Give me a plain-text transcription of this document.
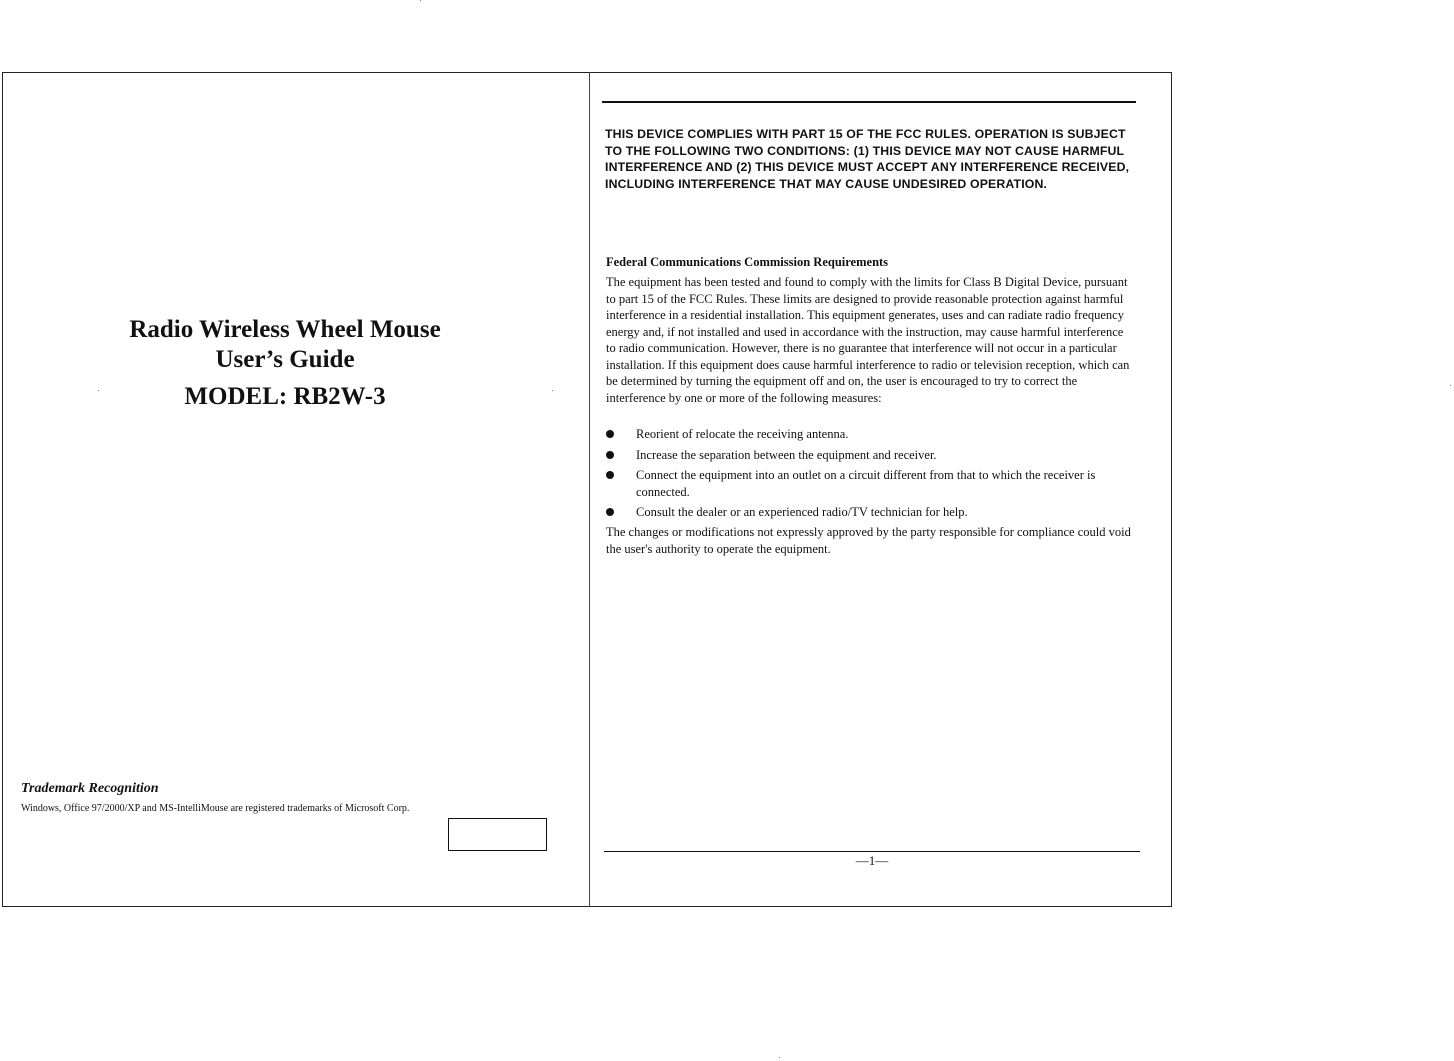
Radio Wireless Wheel Mouse
User’s Guide
MODEL: RB2W-3
Trademark Recognition
Windows, Office 97/2000/XP and MS-IntelliMouse are registered trademarks of Microsoft Corp.
THIS DEVICE COMPLIES WITH PART 15 OF THE FCC RULES. OPERATION IS SUBJECT TO THE FOLLOWING TWO CONDITIONS: (1) THIS DEVICE MAY NOT CAUSE HARMFUL INTERFERENCE AND (2) THIS DEVICE MUST ACCEPT ANY INTERFERENCE RECEIVED, INCLUDING INTERFERENCE THAT MAY CAUSE UNDESIRED OPERATION.
Federal Communications Commission Requirements
The equipment has been tested and found to comply with the limits for Class B Digital Device, pursuant to part 15 of the FCC Rules. These limits are designed to provide reasonable protection against harmful interference in a residential installation. This equipment generates, uses and can radiate radio frequency energy and, if not installed and used in accordance with the instruction, may cause harmful interference to radio communication. However, there is no guarantee that interference will not occur in a particular installation. If this equipment does cause harmful interference to radio or television reception, which can be determined by turning the equipment off and on, the user is encouraged to try to correct the interference by one or more of the following measures:
Reorient of relocate the receiving antenna.
Increase the separation between the equipment and receiver.
Connect the equipment into an outlet on a circuit different from that to which the receiver is connected.
Consult the dealer or an experienced radio/TV technician for help.
The changes or modifications not expressly approved by the party responsible for compliance could void the user's authority to operate the equipment.
—1—
